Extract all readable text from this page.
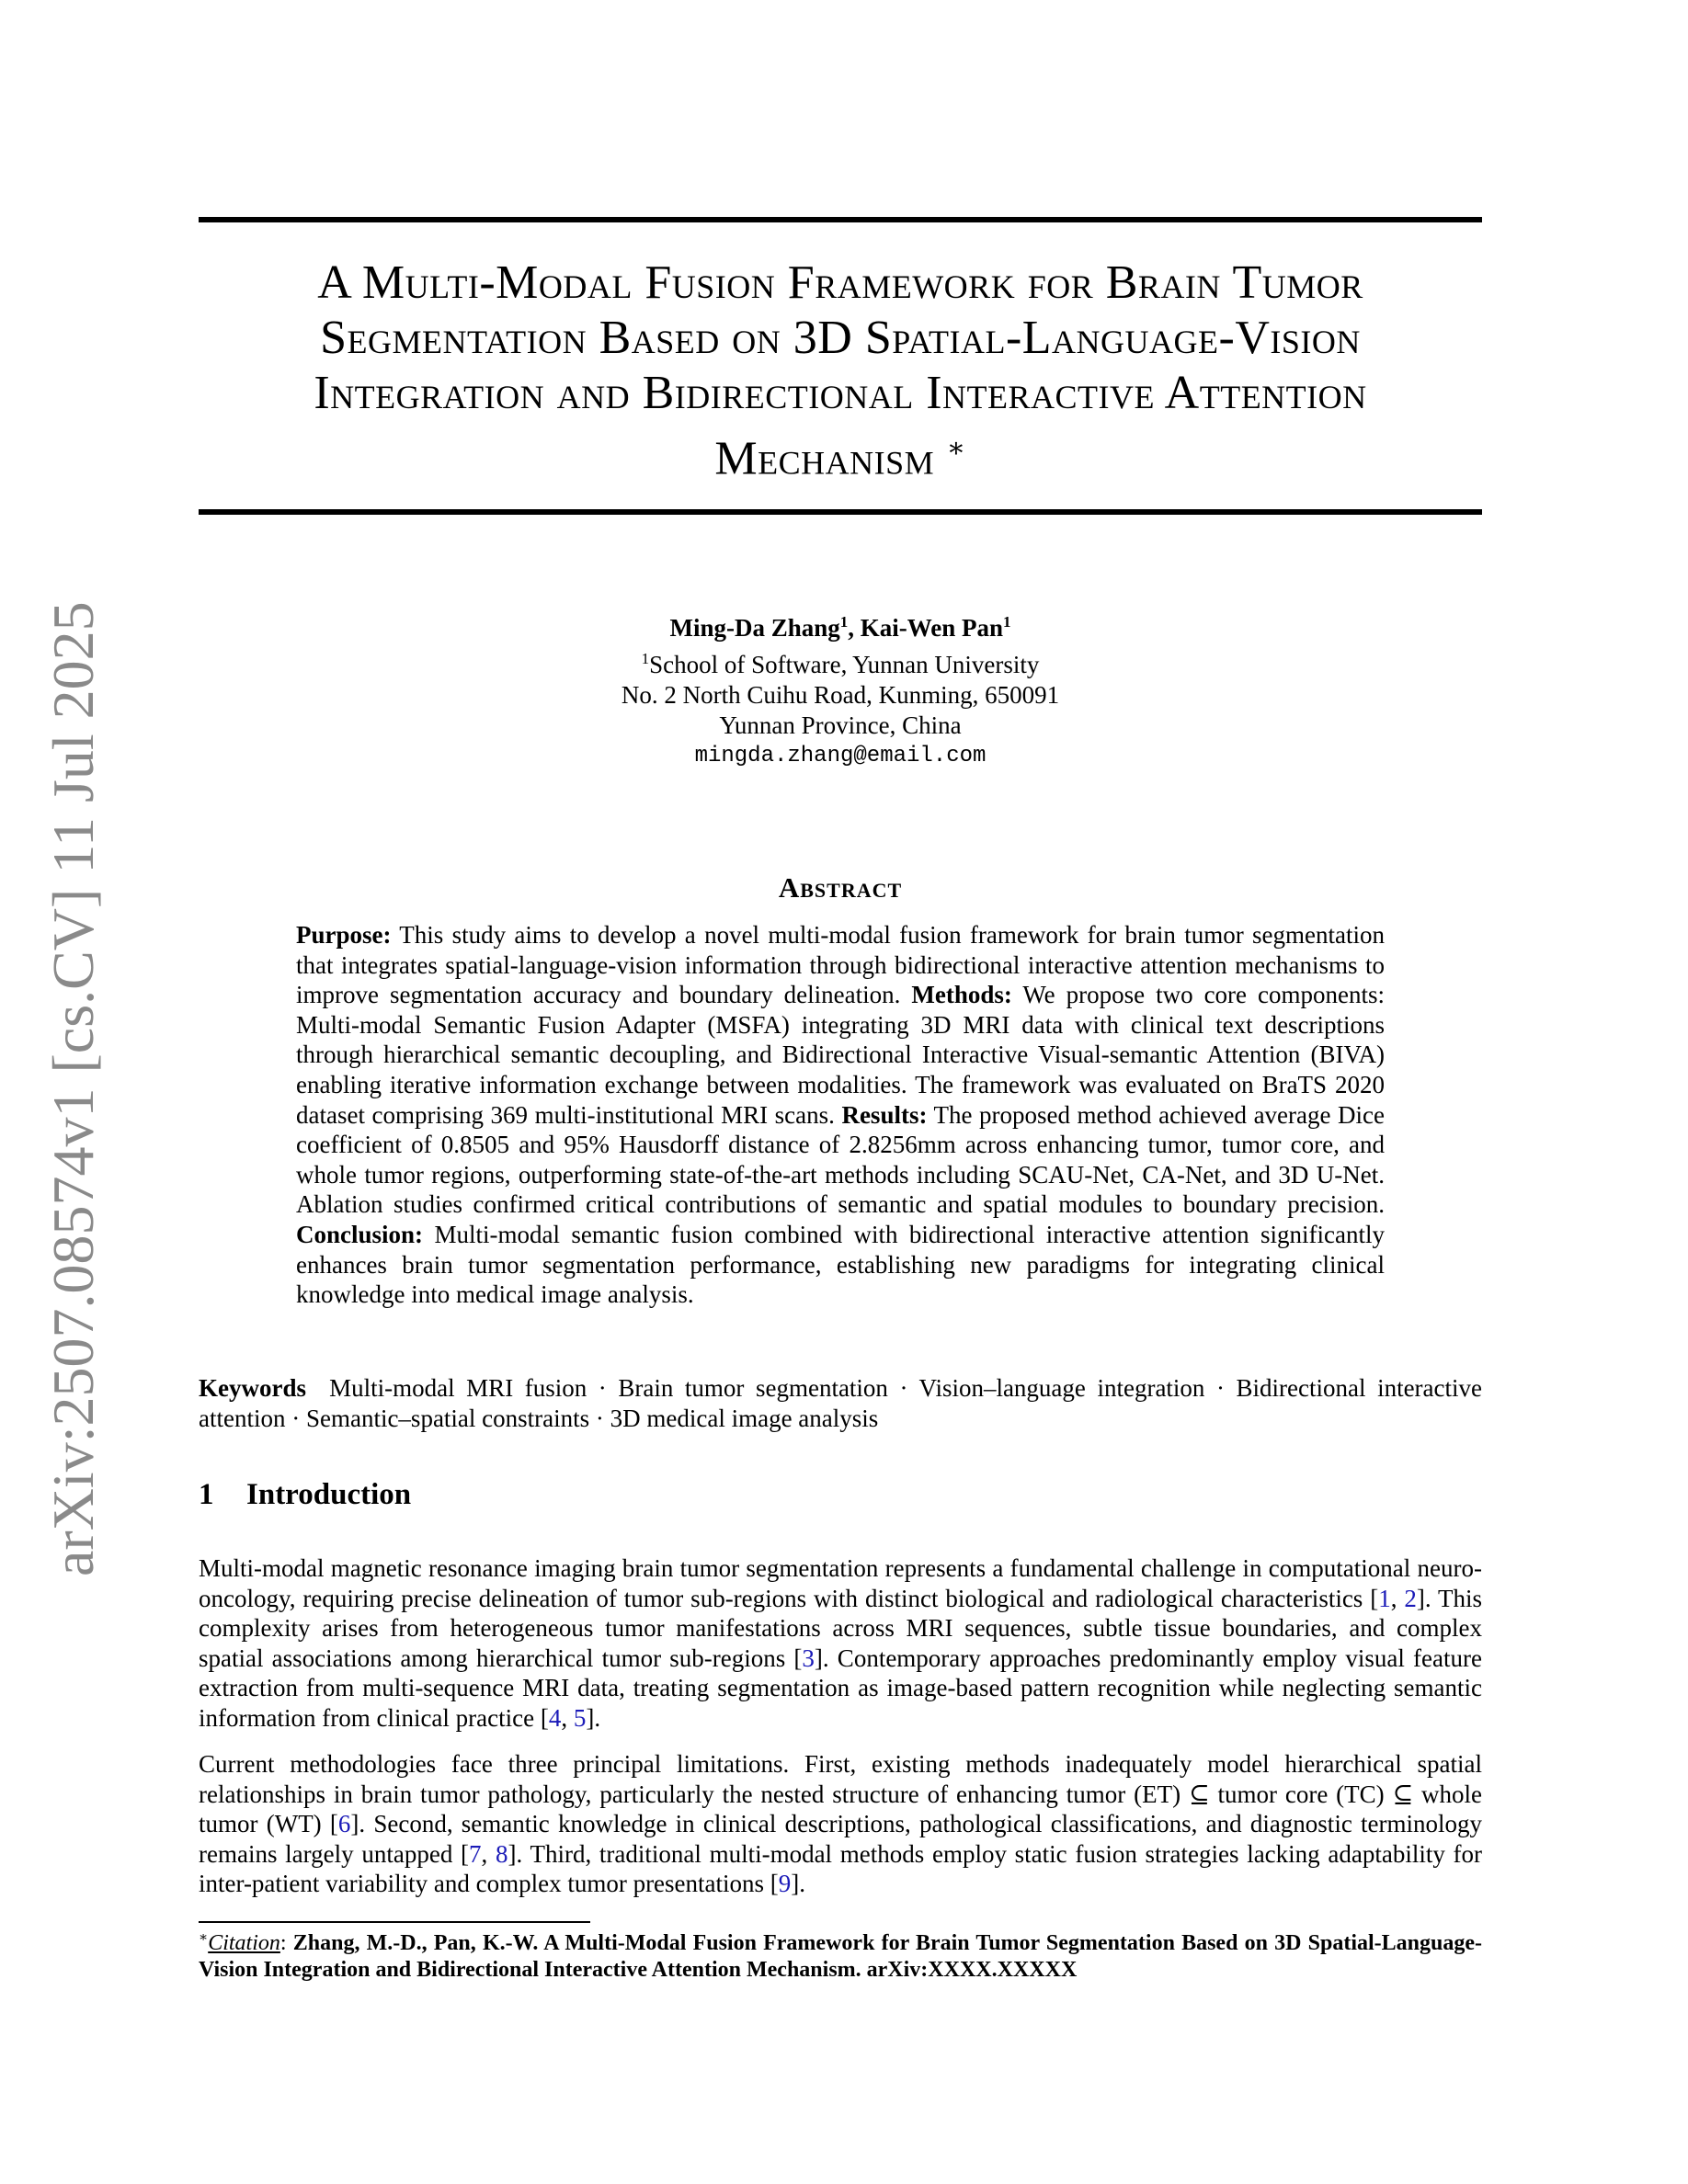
arXiv:2507.08574v1 [cs.CV] 11 Jul 2025
A Multi-Modal Fusion Framework for Brain Tumor
Segmentation Based on 3D Spatial-Language-Vision
Integration and Bidirectional Interactive Attention
Mechanism ∗
Ming-Da Zhang$^1$, Kai-Wen Pan$^1$
$^1$School of Software, Yunnan University
No. 2 North Cuihu Road, Kunming, 650091
Yunnan Province, China
mingda.zhang@email.com
Abstract
Purpose: This study aims to develop a novel multi-modal fusion framework for brain tumor segmentation that integrates spatial-language-vision information through bidirectional interactive attention mechanisms to improve segmentation accuracy and boundary delineation. Methods: We propose two core components: Multi-modal Semantic Fusion Adapter (MSFA) integrating 3D MRI data with clinical text descriptions through hierarchical semantic decoupling, and Bidirectional Interactive Visual-semantic Attention (BIVA) enabling iterative information exchange between modalities. The framework was evaluated on BraTS 2020 dataset comprising 369 multi-institutional MRI scans. Results: The proposed method achieved average Dice coefficient of 0.8505 and 95% Hausdorff distance of 2.8256mm across enhancing tumor, tumor core, and whole tumor regions, outperforming state-of-the-art methods including SCAU-Net, CA-Net, and 3D U-Net. Ablation studies confirmed critical contributions of semantic and spatial modules to boundary precision. Conclusion: Multi-modal semantic fusion combined with bidirectional interactive attention significantly enhances brain tumor segmentation performance, establishing new paradigms for integrating clinical knowledge into medical image analysis.
Keywords Multi-modal MRI fusion · Brain tumor segmentation · Vision–language integration · Bidirectional interactive attention · Semantic–spatial constraints · 3D medical image analysis
1 Introduction
Multi-modal magnetic resonance imaging brain tumor segmentation represents a fundamental challenge in computational neuro-oncology, requiring precise delineation of tumor sub-regions with distinct biological and radiological characteristics [1, 2]. This complexity arises from heterogeneous tumor manifestations across MRI sequences, subtle tissue boundaries, and complex spatial associations among hierarchical tumor sub-regions [3]. Contemporary approaches predominantly employ visual feature extraction from multi-sequence MRI data, treating segmentation as image-based pattern recognition while neglecting semantic information from clinical practice [4, 5].
Current methodologies face three principal limitations. First, existing methods inadequately model hierarchical spatial relationships in brain tumor pathology, particularly the nested structure of enhancing tumor (ET) ⊆ tumor core (TC) ⊆ whole tumor (WT) [6]. Second, semantic knowledge in clinical descriptions, pathological classifications, and diagnostic terminology remains largely untapped [7, 8]. Third, traditional multi-modal methods employ static fusion strategies lacking adaptability for inter-patient variability and complex tumor presentations [9].
∗Citation: Zhang, M.-D., Pan, K.-W. A Multi-Modal Fusion Framework for Brain Tumor Segmentation Based on 3D Spatial-Language-Vision Integration and Bidirectional Interactive Attention Mechanism. arXiv:XXXX.XXXXX
